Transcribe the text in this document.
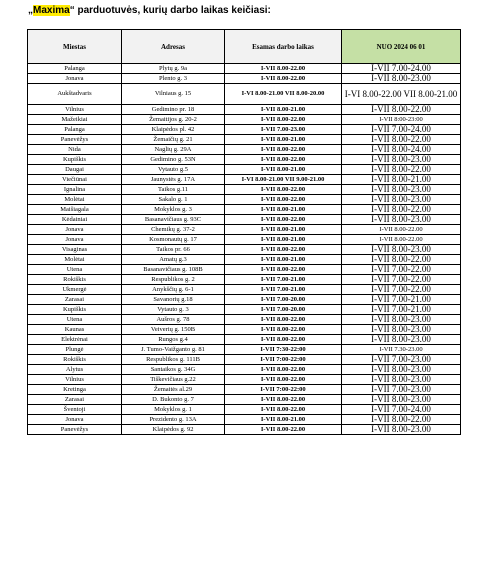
„Maxima“ parduotuvės, kurių darbo laikas keičiasi:
Miestas	Adresas	Esamas darbo laikas	NUO 2024 06 01
Palanga	Plytų g. 9a	I-VII 8.00-22.00	I-VII 7.00-24.00
Jonava	Plento g. 3	I-VII 8.00-22.00	I-VII 8.00-23.00
Aukštadvaris	Vilniaus g. 15	I-VI 8.00-21.00 VII 8.00-20.00	I-VI 8.00-22.00 VII 8.00-21.00
Vilnius	Gedimino pr. 18	I-VII 8.00-21.00	I-VII 8.00-22.00
Mažeikiai	Žemaitijos g. 20-2	I-VII 8.00-22.00	I-VII 8:00-23:00
Palanga	Klaipėdos pl. 42	I-VII 7.00-23.00	I-VII 7.00-24.00
Panevėžys	Žemaičių g. 21	I-VII 8.00-21.00	I-VII 8.00-22.00
Nida	Naglių g. 29A	I-VII 8.00-22.00	I-VII 8.00-24.00
Kupiškis	Gedimino g. 53N	I-VII 8.00-22.00	I-VII 8.00-23.00
Daugai	Vytauto g.5	I-VII 8.00-21.00	I-VII 8.00-22.00
Viečiūnai	Jaunystės g. 17A	I-VI 8.00-21.00 VII 9.00-21.00	I-VII 8.00-21.00
Ignalina	Taikos g.11	I-VII 8.00-22.00	I-VII 8.00-23.00
Molėtai	Sakalo g. 1	I-VII 8.00-22.00	I-VII 8.00-23.00
Maišiagala	Mokyklos g. 3	I-VII 8.00-21.00	I-VII 8.00-22.00
Kėdainiai	Basanavičiaus g. 93C	I-VII 8.00-22.00	I-VII 8.00-23.00
Jonava	Chemikų g. 37-2	I-VII 8.00-21.00	I-VII 8.00-22.00
Jonava	Kosmonautų g. 17	I-VII 8.00-21.00	I-VII 8.00-22.00
Visaginas	Taikos pr. 66	I-VII 8.00-22.00	I-VII 8.00-23.00
Molėtai	Amatų g.3	I-VII 8.00-21.00	I-VII 8.00-22.00
Utena	Basanavičiaus g. 108B	I-VII 8.00-22.00	I-VII 7.00-22.00
Rokiškis	Respublikos g. 2	I-VII 7.00-21.00	I-VII 7.00-22.00
Ukmergė	Anykščių g. 6-1	I-VII 7.00-21.00	I-VII 7.00-22.00
Zarasai	Savanorių g.18	I-VII 7.00-20.00	I-VII 7.00-21.00
Kupiškis	Vytauto g. 3	I-VII 7.00-20.00	I-VII 7.00-21.00
Utena	Aušros g. 78	I-VII 8.00-22.00	I-VII 8.00-23.00
Kaunas	Veiverių g. 150B	I-VII 8.00-22.00	I-VII 8.00-23.00
Elektrėnai	Rungos g.4	I-VII 8.00-22.00	I-VII 8.00-23.00
Plungė	J. Tumo-Vaižganto g. 81	I-VII 7:30-22:00	I-VII 7.30-23.00
Rokiškis	Respublikos g. 111B	I-VII 7:00-22:00	I-VII 7.00-23.00
Alytus	Santaikos g. 34G	I-VII 8.00-22.00	I-VII 8.00-23.00
Vilnius	Tiškevičiaus g.22	I-VII 8.00-22.00	I-VII 8.00-23.00
Kretinga	Žemaitės al.29	I-VII 7:00-22:00	I-VII 7.00-23.00
Zarasai	D. Bukonto g. 7	I-VII 8.00-22.00	I-VII 8.00-23.00
Šventoji	Mokyklos g. 1	I-VII 8.00-22.00	I-VII 7.00-24.00
Jonava	Prezidento g. 13A	I-VII 8.00-21.00	I-VII 8.00-22.00
Panevėžys	Klaipėdos g. 92	I-VII 8.00-22.00	I-VII 8.00-23.00
